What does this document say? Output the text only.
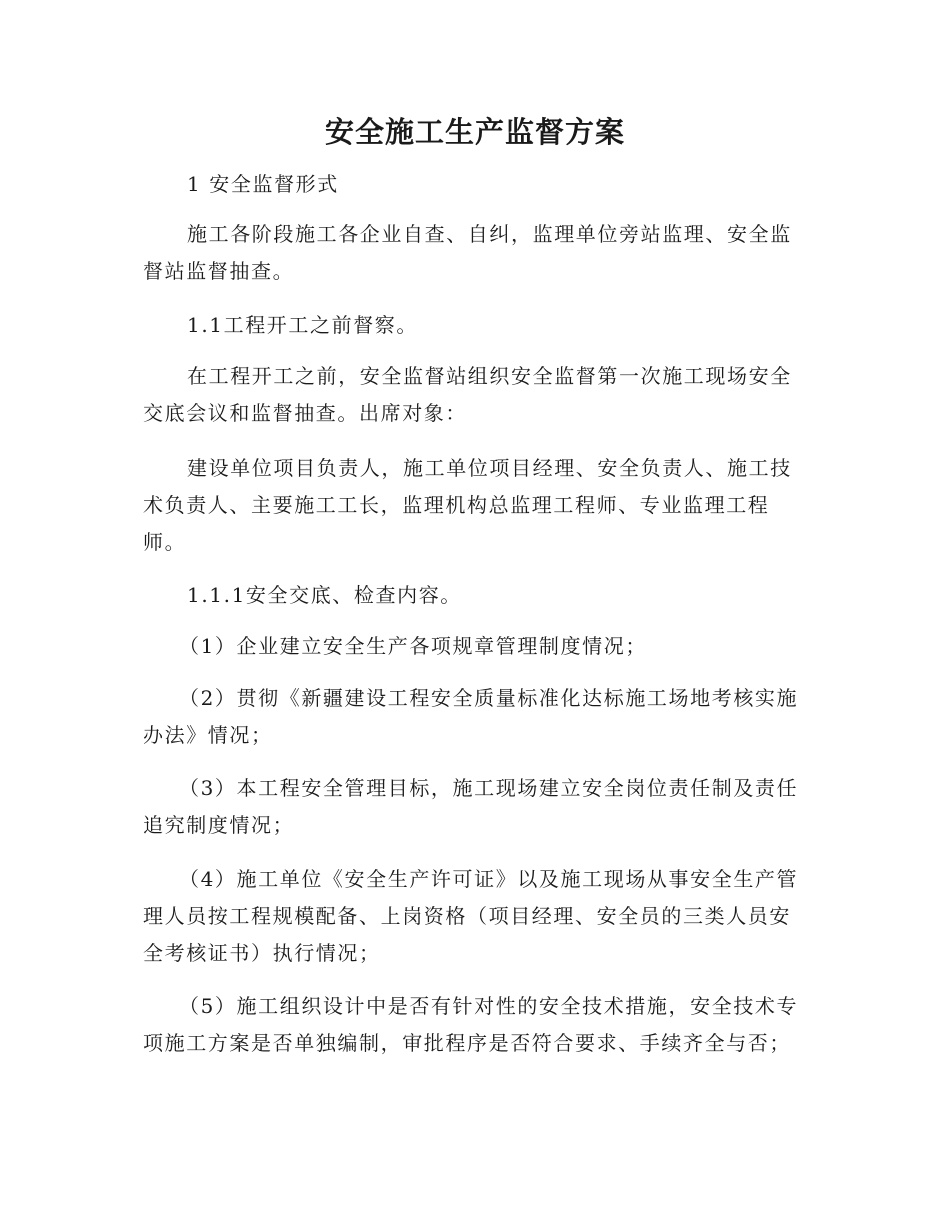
安全施工生产监督方案

1 安全监督形式

施工各阶段施工各企业自查、自纠，监理单位旁站监理、安全监督站监督抽查。

1.1工程开工之前督察。

在工程开工之前，安全监督站组织安全监督第一次施工现场安全交底会议和监督抽查。出席对象：

建设单位项目负责人，施工单位项目经理、安全负责人、施工技术负责人、主要施工工长，监理机构总监理工程师、专业监理工程师。

1.1.1安全交底、检查内容。

（1）企业建立安全生产各项规章管理制度情况；

（2）贯彻《新疆建设工程安全质量标准化达标施工场地考核实施办法》情况；

（3）本工程安全管理目标，施工现场建立安全岗位责任制及责任追究制度情况；

（4）施工单位《安全生产许可证》以及施工现场从事安全生产管理人员按工程规模配备、上岗资格（项目经理、安全员的三类人员安全考核证书）执行情况；

（5）施工组织设计中是否有针对性的安全技术措施，安全技术专项施工方案是否单独编制，审批程序是否符合要求、手续齐全与否；
